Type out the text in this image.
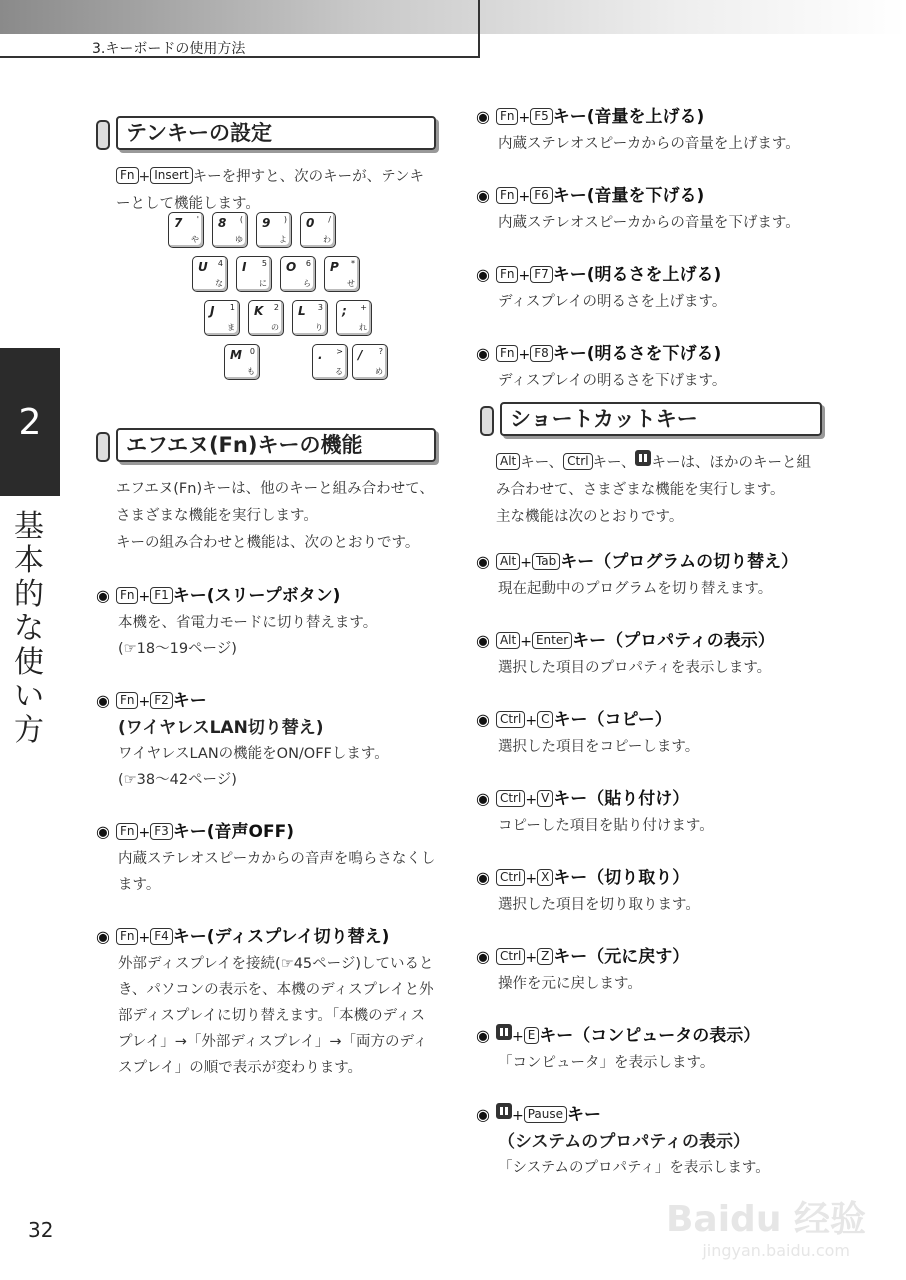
3.キーボードの使用方法
2
基本的な使い方
32
テンキーの設定
Fn + Insert キーを押すと、次のキーが、テンキーとして機能します。
7 '
や
8 (
ゆ
9 )
よ
0 /
わ
U 4
な
I 5
に
O 6
ら
P *
せ
J 1
ま
K 2
の
L 3
り
; +
れ
M 0
も
. >
る
/ ?
め
エフエヌ(Fn)キーの機能
エフエヌ(Fn)キーは、他のキーと組み合わせて、さまざまな機能を実行します。
キーの組み合わせと機能は、次のとおりです。
◉ Fn + F1 キー(スリープボタン)
本機を、省電力モードに切り替えます。
(☞18〜19ページ)
◉ Fn + F2 キー
(ワイヤレスLAN切り替え)
ワイヤレスLANの機能をON/OFFします。
(☞38〜42ページ)
◉ Fn + F3 キー(音声OFF)
内蔵ステレオスピーカからの音声を鳴らさなくします。
◉ Fn + F4 キー(ディスプレイ切り替え)
外部ディスプレイを接続(☞45ページ)しているとき、パソコンの表示を、本機のディスプレイと外部ディスプレイに切り替えます。「本機のディスプレイ」→「外部ディスプレイ」→「両方のディスプレイ」の順で表示が変わります。
◉ Fn + F5 キー(音量を上げる)
内蔵ステレオスピーカからの音量を上げます。
◉ Fn + F6 キー(音量を下げる)
内蔵ステレオスピーカからの音量を下げます。
◉ Fn + F7 キー(明るさを上げる)
ディスプレイの明るさを上げます。
◉ Fn + F8 キー(明るさを下げる)
ディスプレイの明るさを下げます。
ショートカットキー
Alt キー、 Ctrl キー、 キーは、ほかのキーと組み合わせて、さまざまな機能を実行します。
主な機能は次のとおりです。
◉ Alt + Tab キー（プログラムの切り替え）
現在起動中のプログラムを切り替えます。
◉ Alt + Enter キー（プロパティの表示）
選択した項目のプロパティを表示します。
◉ Ctrl + C キー（コピー）
選択した項目をコピーします。
◉ Ctrl + V キー（貼り付け）
コピーした項目を貼り付けます。
◉ Ctrl + X キー（切り取り）
選択した項目を切り取ります。
◉ Ctrl + Z キー（元に戻す）
操作を元に戻します。
◉ + E キー（コンピュータの表示）
「コンピュータ」を表示します。
◉ + Pause キー
（システムのプロパティの表示）
「システムのプロパティ」を表示します。
Baidu 经验
jingyan.baidu.com
